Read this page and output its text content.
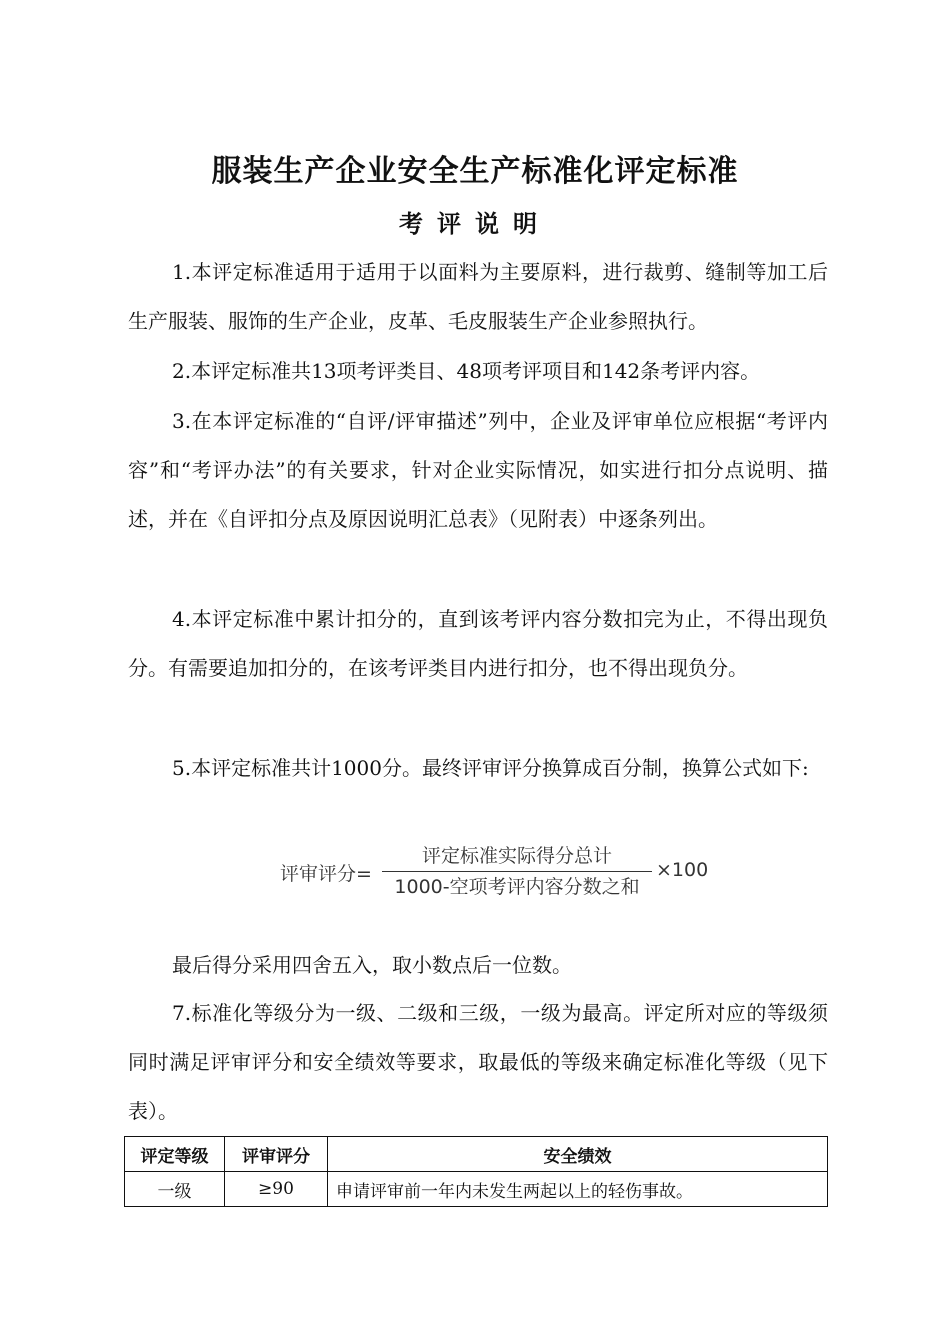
服装生产企业安全生产标准化评定标准
考评说明
1.本评定标准适用于适用于以面料为主要原料，进行裁剪、缝制等加工后生产服装、服饰的生产企业，皮革、毛皮服装生产企业参照执行。
2.本评定标准共13项考评类目、48项考评项目和142条考评内容。
3.在本评定标准的“自评/评审描述”列中，企业及评审单位应根据“考评内容”和“考评办法”的有关要求，针对企业实际情况，如实进行扣分点说明、描述，并在《自评扣分点及原因说明汇总表》（见附表）中逐条列出。
4.本评定标准中累计扣分的，直到该考评内容分数扣完为止，不得出现负分。有需要追加扣分的，在该考评类目内进行扣分，也不得出现负分。
5.本评定标准共计1000分。最终评审评分换算成百分制，换算公式如下:
评审评分=
评定标准实际得分总计
1000-空项考评内容分数之和
×100
最后得分采用四舍五入，取小数点后一位数。
7.标准化等级分为一级、二级和三级，一级为最高。评定所对应的等级须同时满足评审评分和安全绩效等要求，取最低的等级来确定标准化等级（见下表）。
评定等级	评审评分	安全绩效
一级	≥90	申请评审前一年内未发生两起以上的轻伤事故。
